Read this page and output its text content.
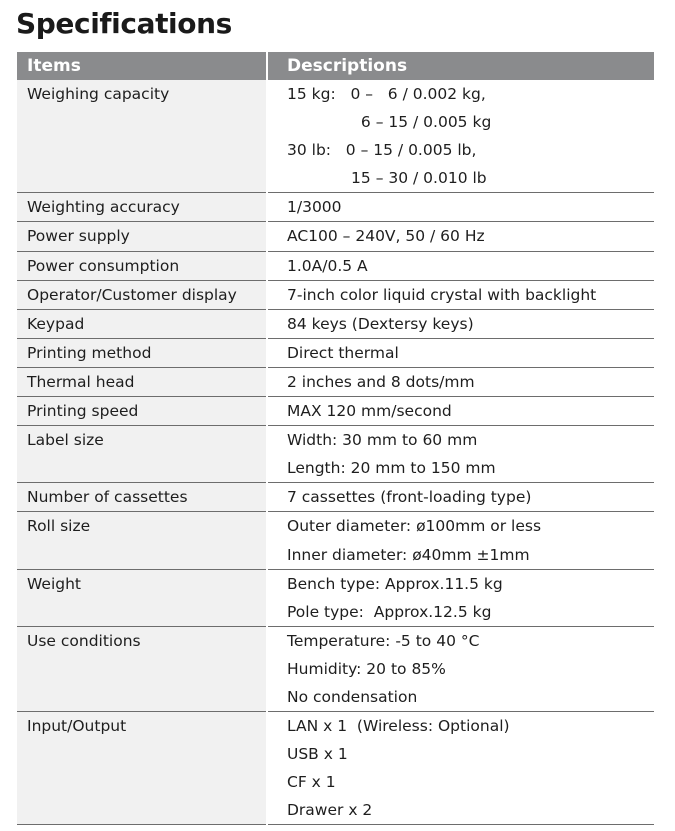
Specifications
Items	Descriptions

Weighing capacity	15 kg:   0 –   6 / 0.002 kg,
6 – 15 / 0.005 kg
30 lb:   0 – 15 / 0.005 lb,
15 – 30 / 0.010 lb

Weighting accuracy	1/3000

Power supply	AC100 – 240V, 50 / 60 Hz

Power consumption	1.0A/0.5 A

Operator/Customer display	7-inch color liquid crystal with backlight

Keypad	84 keys (Dextersy keys)

Printing method	Direct thermal

Thermal head	2 inches and 8 dots/mm

Printing speed	MAX 120 mm/second

Label size	Width: 30 mm to 60 mm
Length: 20 mm to 150 mm

Number of cassettes	7 cassettes (front-loading type)

Roll size	Outer diameter: ø100mm or less
Inner diameter: ø40mm ±1mm

Weight	Bench type: Approx.11.5 kg
Pole type:  Approx.12.5 kg

Use conditions	Temperature: -5 to 40 °C
Humidity: 20 to 85%
No condensation

Input/Output	LAN x 1  (Wireless: Optional)
USB x 1
CF x 1
Drawer x 2
